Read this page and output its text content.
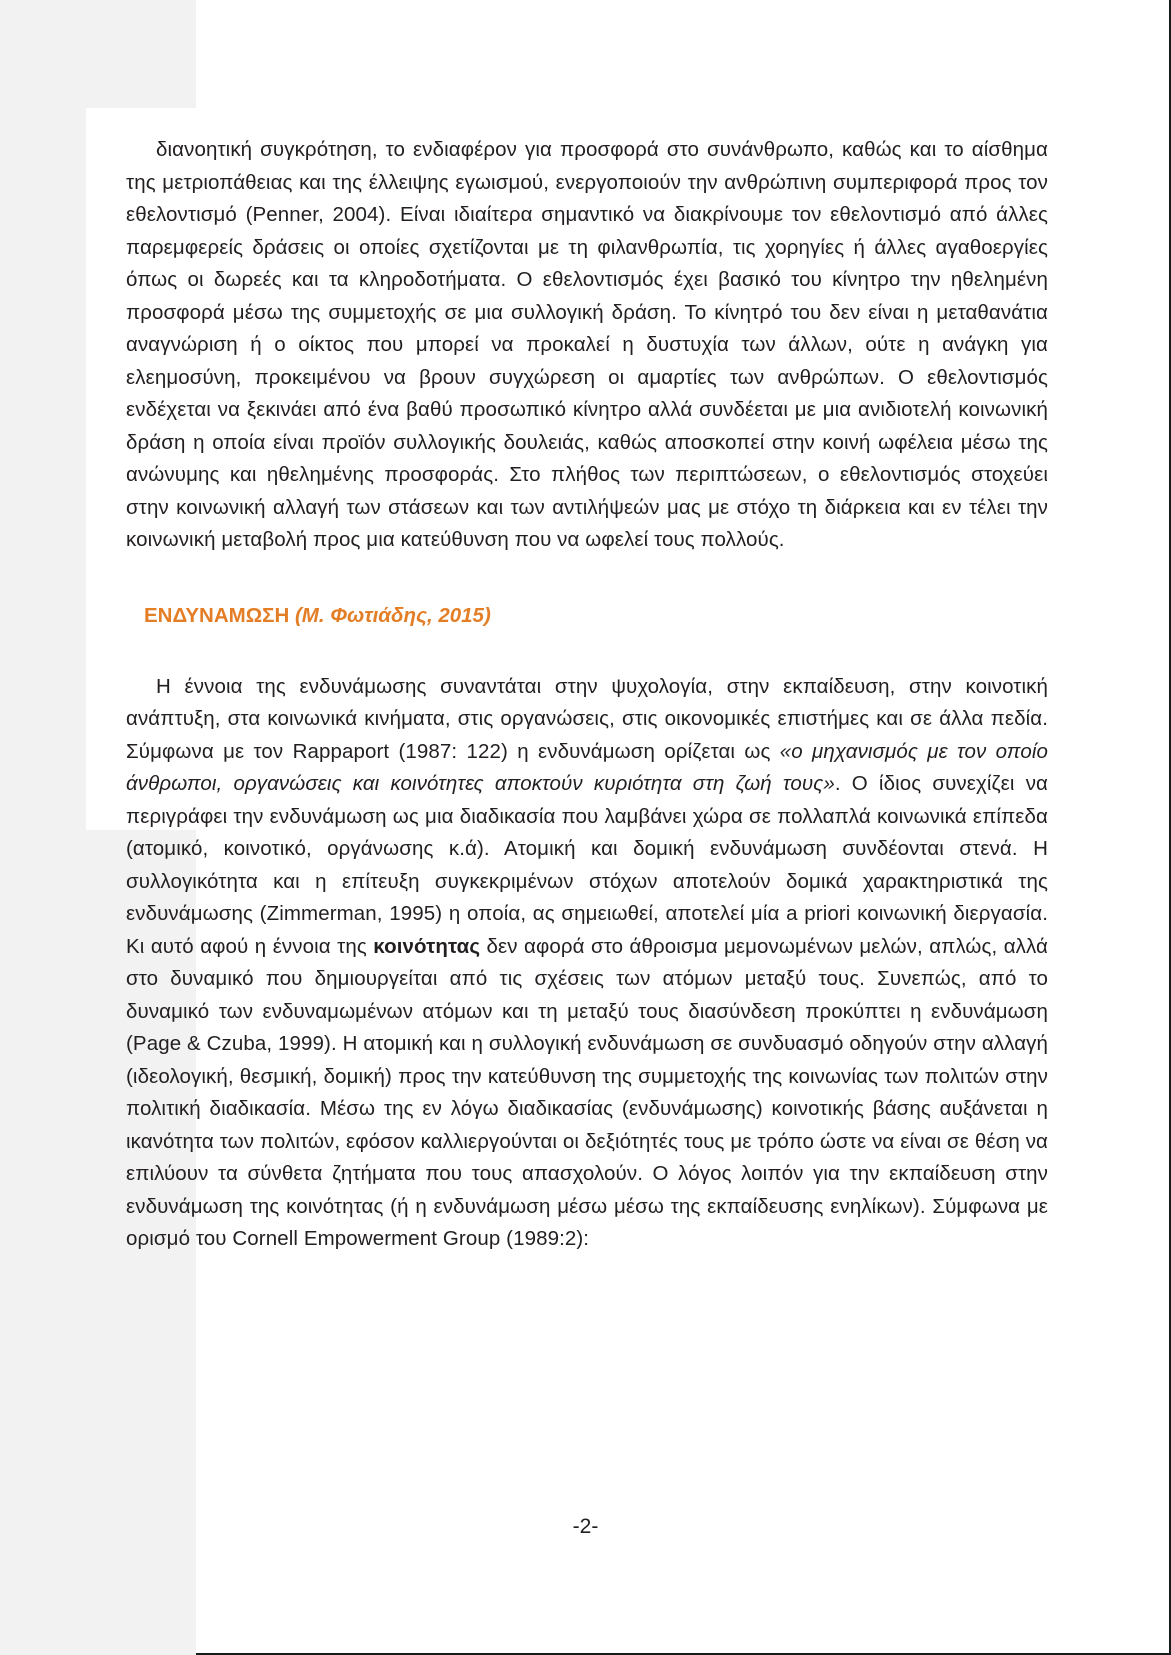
διανοητική συγκρότηση, το ενδιαφέρον για προσφορά στο συνάνθρωπο, καθώς και το αίσθημα της μετριοπάθειας και της έλλειψης εγωισμού, ενεργοποιούν την ανθρώπινη συμπεριφορά προς τον εθελοντισμό (Penner, 2004). Είναι ιδιαίτερα σημαντικό να διακρίνουμε τον εθελοντισμό από άλλες παρεμφερείς δράσεις οι οποίες σχετίζονται με τη φιλανθρωπία, τις χορηγίες ή άλλες αγαθοεργίες όπως οι δωρεές και τα κληροδοτήματα. Ο εθελοντισμός έχει βασικό του κίνητρο την ηθελημένη προσφορά μέσω της συμμετοχής σε μια συλλογική δράση. Το κίνητρό του δεν είναι η μεταθανάτια αναγνώριση ή ο οίκτος που μπορεί να προκαλεί η δυστυχία των άλλων, ούτε η ανάγκη για ελεημοσύνη, προκειμένου να βρουν συγχώρεση οι αμαρτίες των ανθρώπων. Ο εθελοντισμός ενδέχεται να ξεκινάει από ένα βαθύ προσωπικό κίνητρο αλλά συνδέεται με μια ανιδιοτελή κοινωνική δράση η οποία είναι προϊόν συλλογικής δουλειάς, καθώς αποσκοπεί στην κοινή ωφέλεια μέσω της ανώνυμης και ηθελημένης προσφοράς. Στο πλήθος των περιπτώσεων, ο εθελοντισμός στοχεύει στην κοινωνική αλλαγή των στάσεων και των αντιλήψεών μας με στόχο τη διάρκεια και εν τέλει την κοινωνική μεταβολή προς μια κατεύθυνση που να ωφελεί τους πολλούς.

ΕΝΔΥΝΑΜΩΣΗ (Μ. Φωτιάδης, 2015)

Η έννοια της ενδυνάμωσης συναντάται στην ψυχολογία, στην εκπαίδευση, στην κοινοτική ανάπτυξη, στα κοινωνικά κινήματα, στις οργανώσεις, στις οικονομικές επιστήμες και σε άλλα πεδία. Σύμφωνα με τον Rappaport (1987: 122) η ενδυνάμωση ορίζεται ως «ο μηχανισμός με τον οποίο άνθρωποι, οργανώσεις και κοινότητες αποκτούν κυριότητα στη ζωή τους». Ο ίδιος συνεχίζει να περιγράφει την ενδυνάμωση ως μια διαδικασία που λαμβάνει χώρα σε πολλαπλά κοινωνικά επίπεδα (ατομικό, κοινοτικό, οργάνωσης κ.ά). Ατομική και δομική ενδυνάμωση συνδέονται στενά. Η συλλογικότητα και η επίτευξη συγκεκριμένων στόχων αποτελούν δομικά χαρακτηριστικά της ενδυνάμωσης (Zimmerman, 1995) η οποία, ας σημειωθεί, αποτελεί μία a priori κοινωνική διεργασία. Κι αυτό αφού η έννοια της κοινότητας δεν αφορά στο άθροισμα μεμονωμένων μελών, απλώς, αλλά στο δυναμικό που δημιουργείται από τις σχέσεις των ατόμων μεταξύ τους. Συνεπώς, από το δυναμικό των ενδυναμωμένων ατόμων και τη μεταξύ τους διασύνδεση προκύπτει η ενδυνάμωση (Page & Czuba, 1999). Η ατομική και η συλλογική ενδυνάμωση σε συνδυασμό οδηγούν στην αλλαγή (ιδεολογική, θεσμική, δομική) προς την κατεύθυνση της συμμετοχής της κοινωνίας των πολιτών στην πολιτική διαδικασία. Μέσω της εν λόγω διαδικασίας (ενδυνάμωσης) κοινοτικής βάσης αυξάνεται η ικανότητα των πολιτών, εφόσον καλλιεργούνται οι δεξιότητές τους με τρόπο ώστε να είναι σε θέση να επιλύουν τα σύνθετα ζητήματα που τους απασχολούν. Ο λόγος λοιπόν για την εκπαίδευση στην ενδυνάμωση της κοινότητας (ή η ενδυνάμωση μέσω μέσω της εκπαίδευσης ενηλίκων). Σύμφωνα με ορισμό του Cornell Empowerment Group (1989:2):

-2-
